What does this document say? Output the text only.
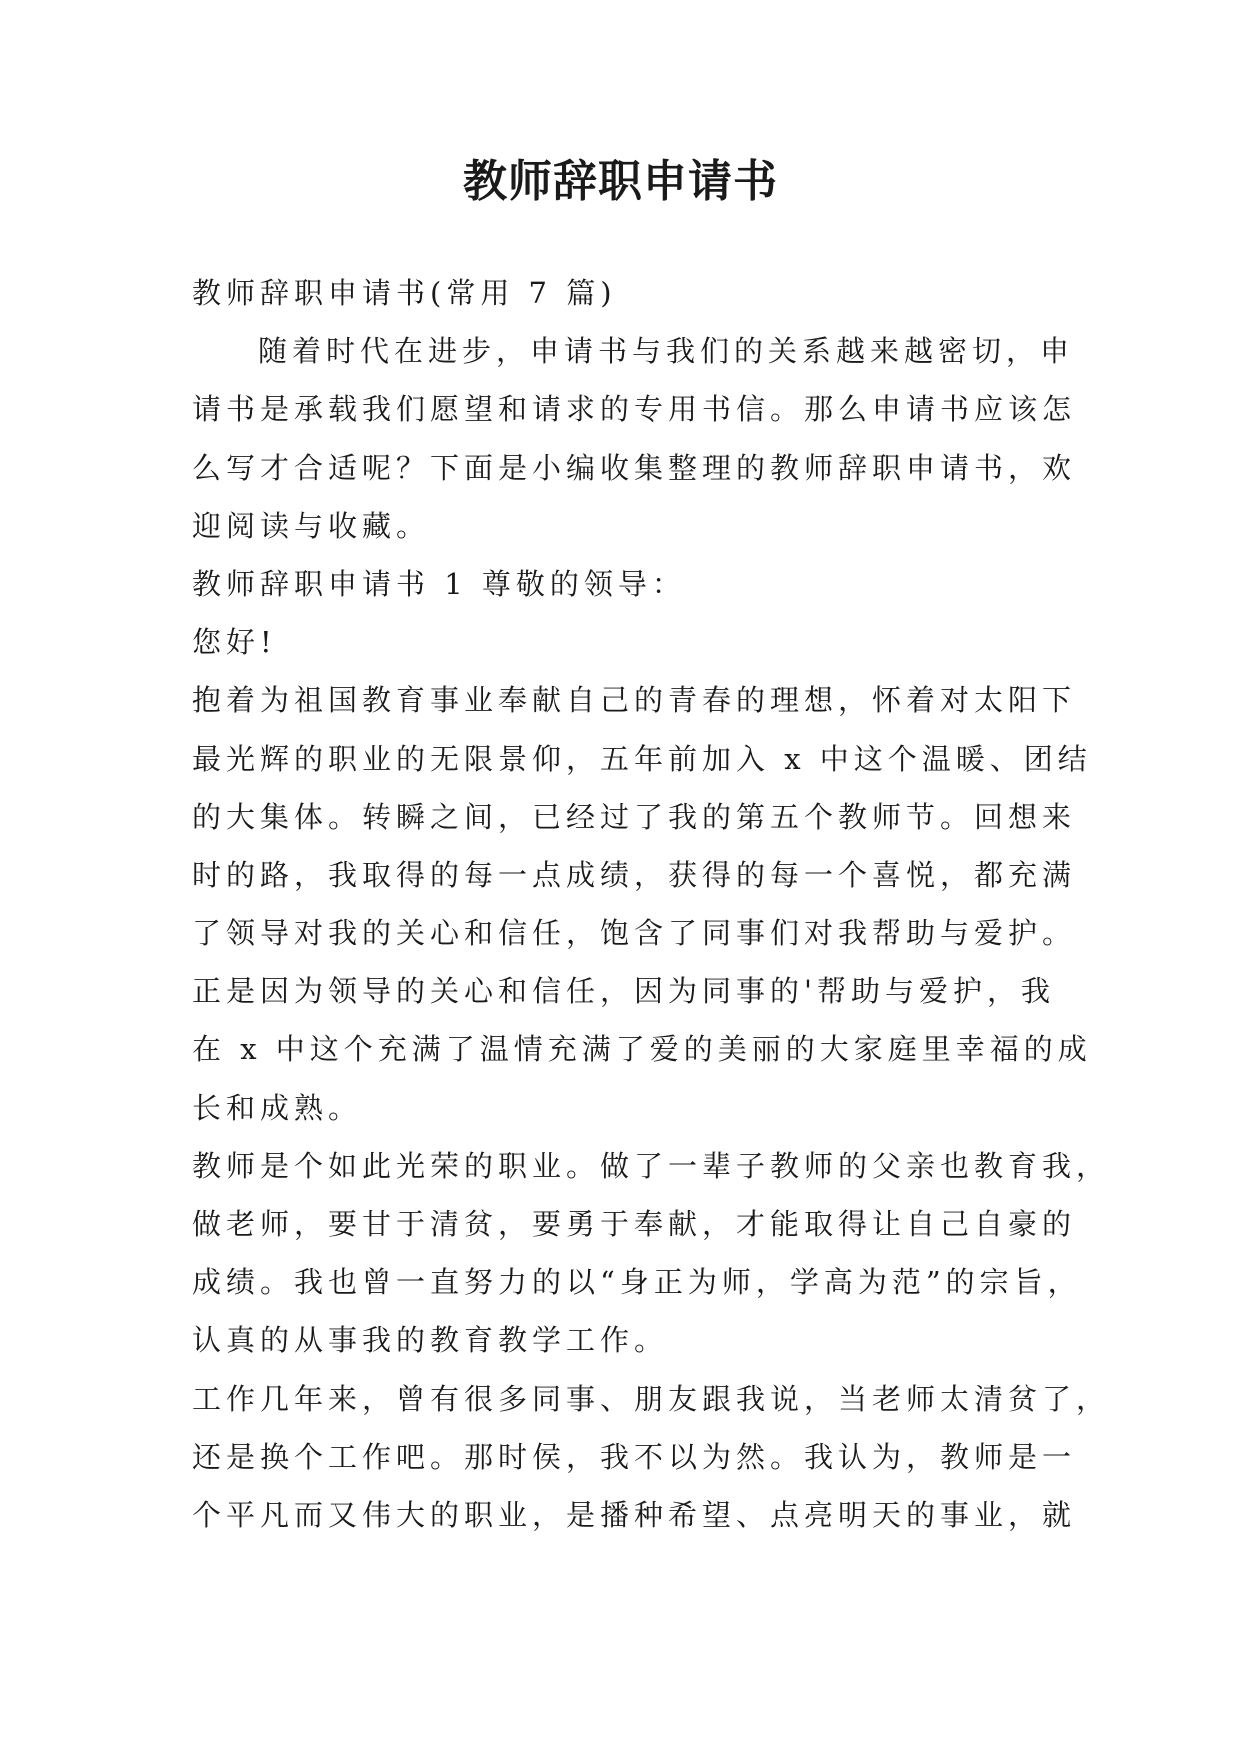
教师辞职申请书
教师辞职申请书(常用 7 篇)
随着时代在进步，申请书与我们的关系越来越密切，申
请书是承载我们愿望和请求的专用书信。那么申请书应该怎
么写才合适呢？下面是小编收集整理的教师辞职申请书，欢
迎阅读与收藏。
教师辞职申请书 1 尊敬的领导：
您好!
抱着为祖国教育事业奉献自己的青春的理想，怀着对太阳下
最光辉的职业的无限景仰，五年前加入 x 中这个温暖、团结
的大集体。转瞬之间，已经过了我的第五个教师节。回想来
时的路，我取得的每一点成绩，获得的每一个喜悦，都充满
了领导对我的关心和信任，饱含了同事们对我帮助与爱护。
正是因为领导的关心和信任，因为同事的'帮助与爱护，我
在 x 中这个充满了温情充满了爱的美丽的大家庭里幸福的成
长和成熟。
教师是个如此光荣的职业。做了一辈子教师的父亲也教育我，
做老师，要甘于清贫，要勇于奉献，才能取得让自己自豪的
成绩。我也曾一直努力的以“身正为师，学高为范”的宗旨，
认真的从事我的教育教学工作。
工作几年来，曾有很多同事、朋友跟我说，当老师太清贫了，
还是换个工作吧。那时侯，我不以为然。我认为，教师是一
个平凡而又伟大的职业，是播种希望、点亮明天的事业，就
